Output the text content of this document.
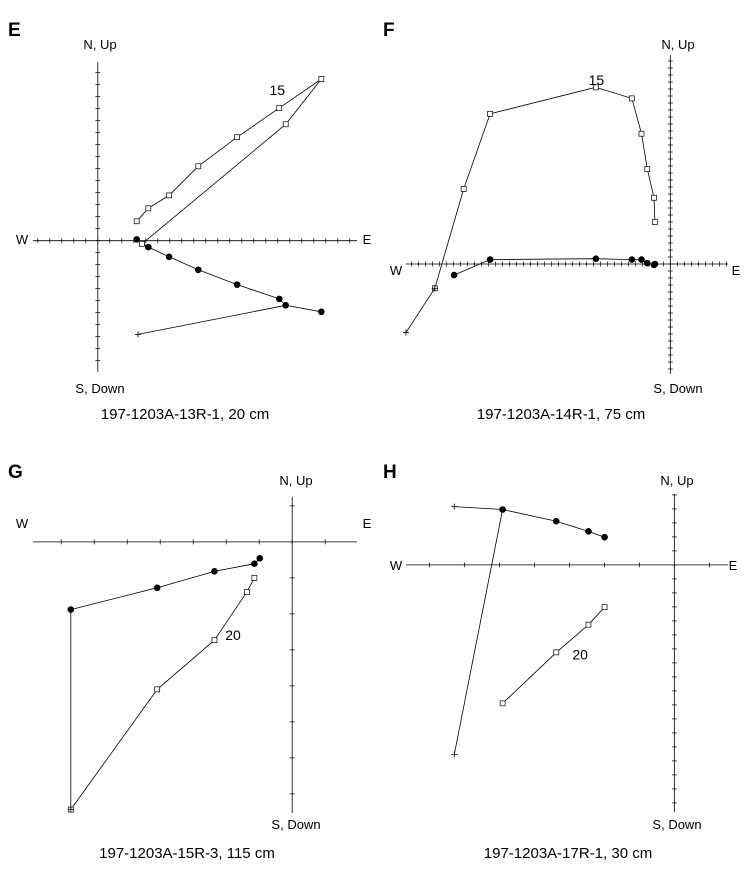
E
N, Up
S, Down
W	E
197-1203A-13R-1, 20 cm
15
F
N, Up
S, Down
W	E
197-1203A-14R-1, 75 cm
15
G	N, Up
S, Down
W	E
197-1203A-15R-3, 115 cm
20
H	N, Up
S, Down
W	E
197-1203A-17R-1, 30 cm
20
